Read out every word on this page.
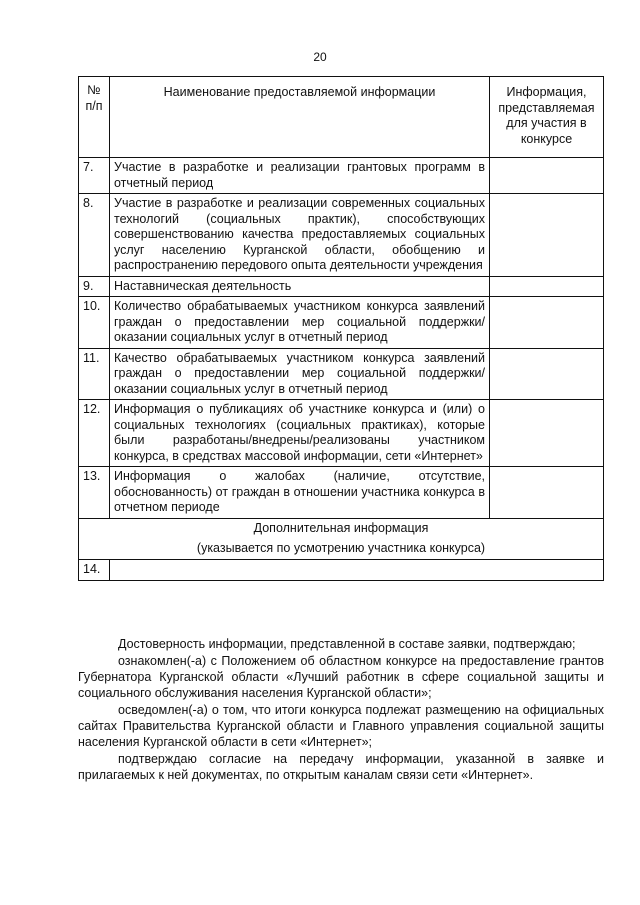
20
№ п/п	Наименование предоставляемой информации	Информация, представляемая для участия в конкурсе
7.	Участие в разработке и реализации грантовых программ в отчетный период	
8.	Участие в разработке и реализации современных социальных технологий (социальных практик), способствующих совершенствованию качества предоставляемых социальных услуг населению Курганской области, обобщению и распространению передового опыта деятельности учреждения	
9.	Наставническая деятельность	
10.	Количество обрабатываемых участником конкурса заявлений граждан о предоставлении мер социальной поддержки/оказании социальных услуг в отчетный период	
11.	Качество обрабатываемых участником конкурса заявлений граждан о предоставлении мер социальной поддержки/оказании социальных услуг в отчетный период	
12.	Информация о публикациях об участнике конкурса и (или) о социальных технологиях (социальных практиках), которые были разработаны/внедрены/реализованы участником конкурса, в средствах массовой информации, сети «Интернет»	
13.	Информация о жалобах (наличие, отсутствие, обоснованность) от граждан в отношении участника конкурса в отчетном периоде	

Дополнительная информация
(указывается по усмотрению участника конкурса)		

14.		

Достоверность информации, представленной в составе заявки, подтверждаю;

ознакомлен(-а) с Положением об областном конкурсе на предоставление грантов Губернатора Курганской области «Лучший работник в сфере социальной защиты и социального обслуживания населения Курганской области»;

осведомлен(-а) о том, что итоги конкурса подлежат размещению на официальных сайтах Правительства Курганской области и Главного управления социальной защиты населения Курганской области в сети «Интернет»;

подтверждаю согласие на передачу информации, указанной в заявке и прилагаемых к ней документах, по открытым каналам связи сети «Интернет».
